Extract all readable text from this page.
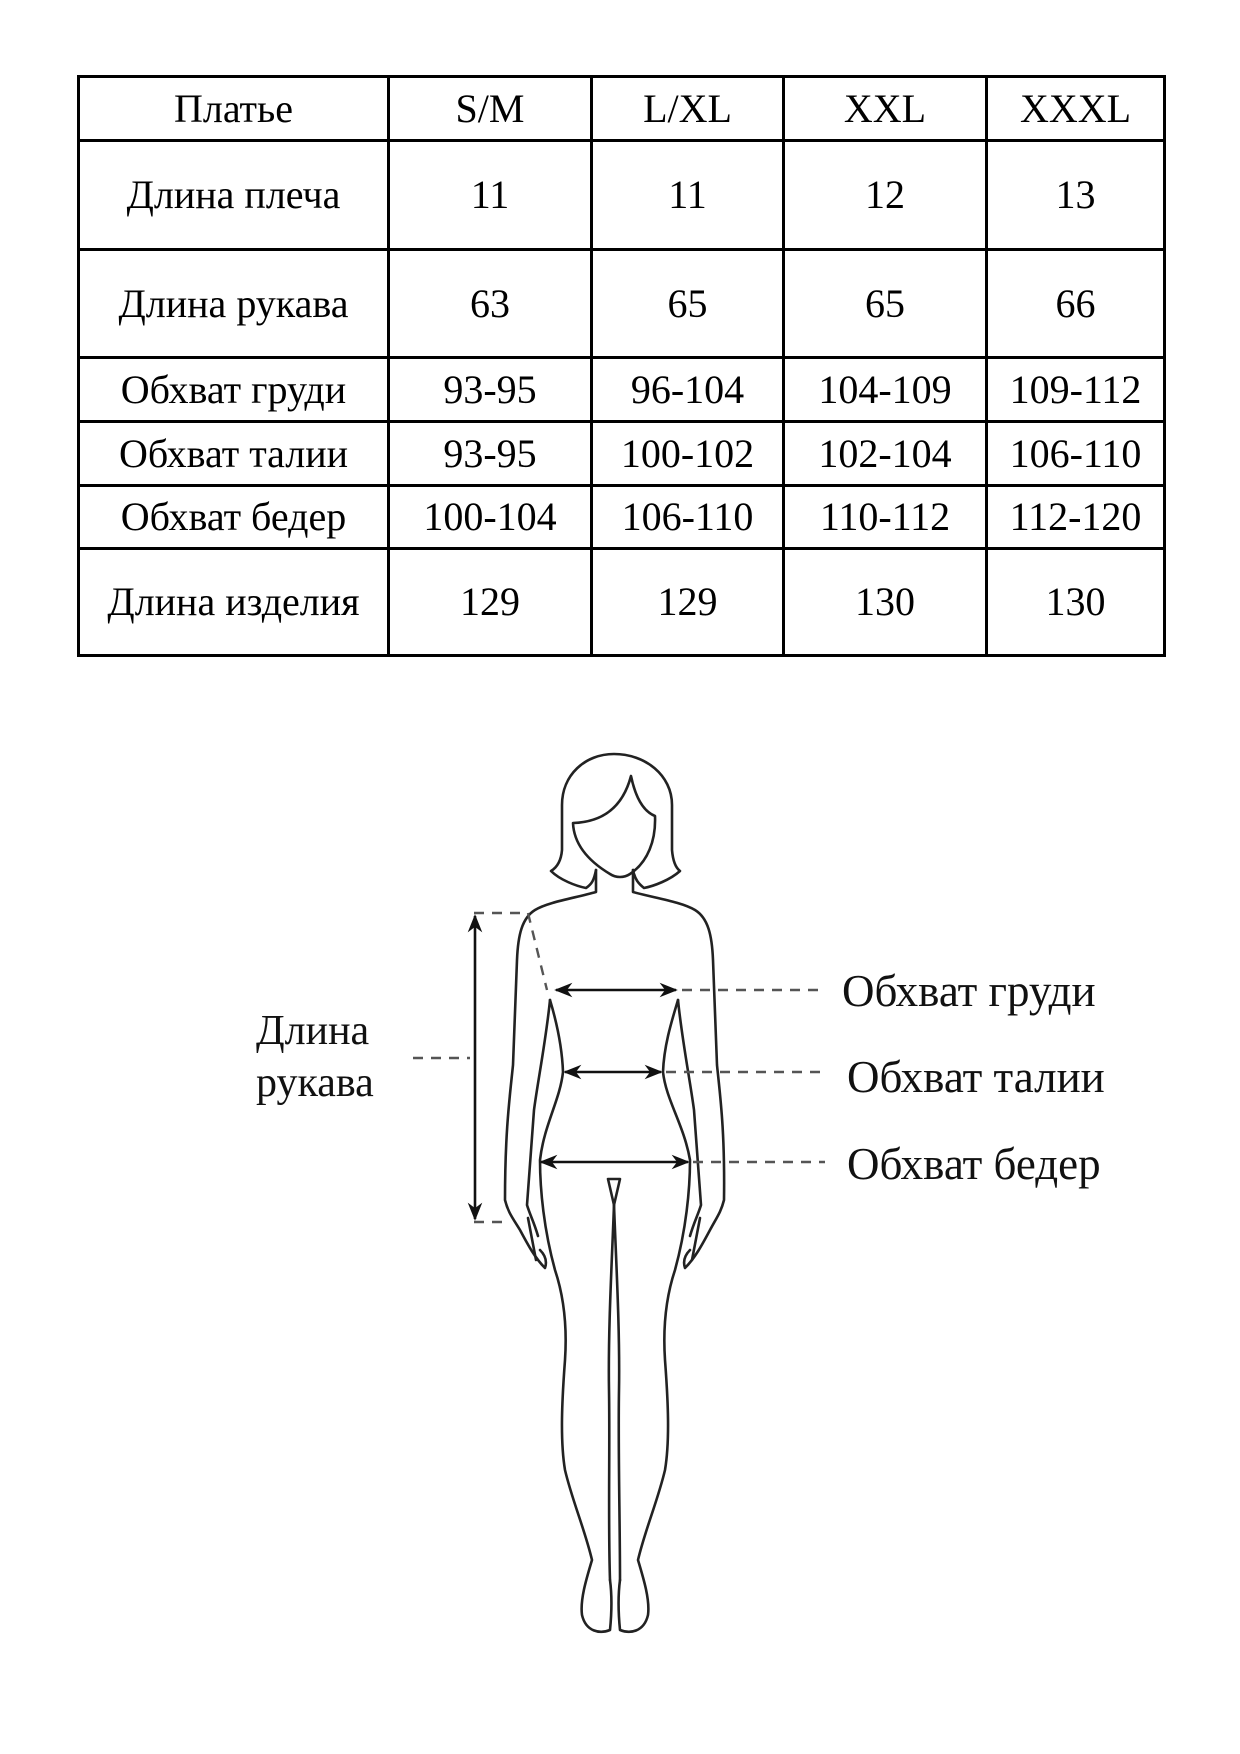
Платье	S/M	L/XL	XXL	XXXL
Длина плеча	11	11	12	13
Длина рукава	63	65	65	66
Обхват груди	93-95	96-104	104-109	109-112
Обхват талии	93-95	100-102	102-104	106-110
Обхват бедер	100-104	106-110	110-112	112-120
Длина изделия	129	129	130	130
Длина
рукава
Обхват груди
Обхват талии
Обхват бедер
